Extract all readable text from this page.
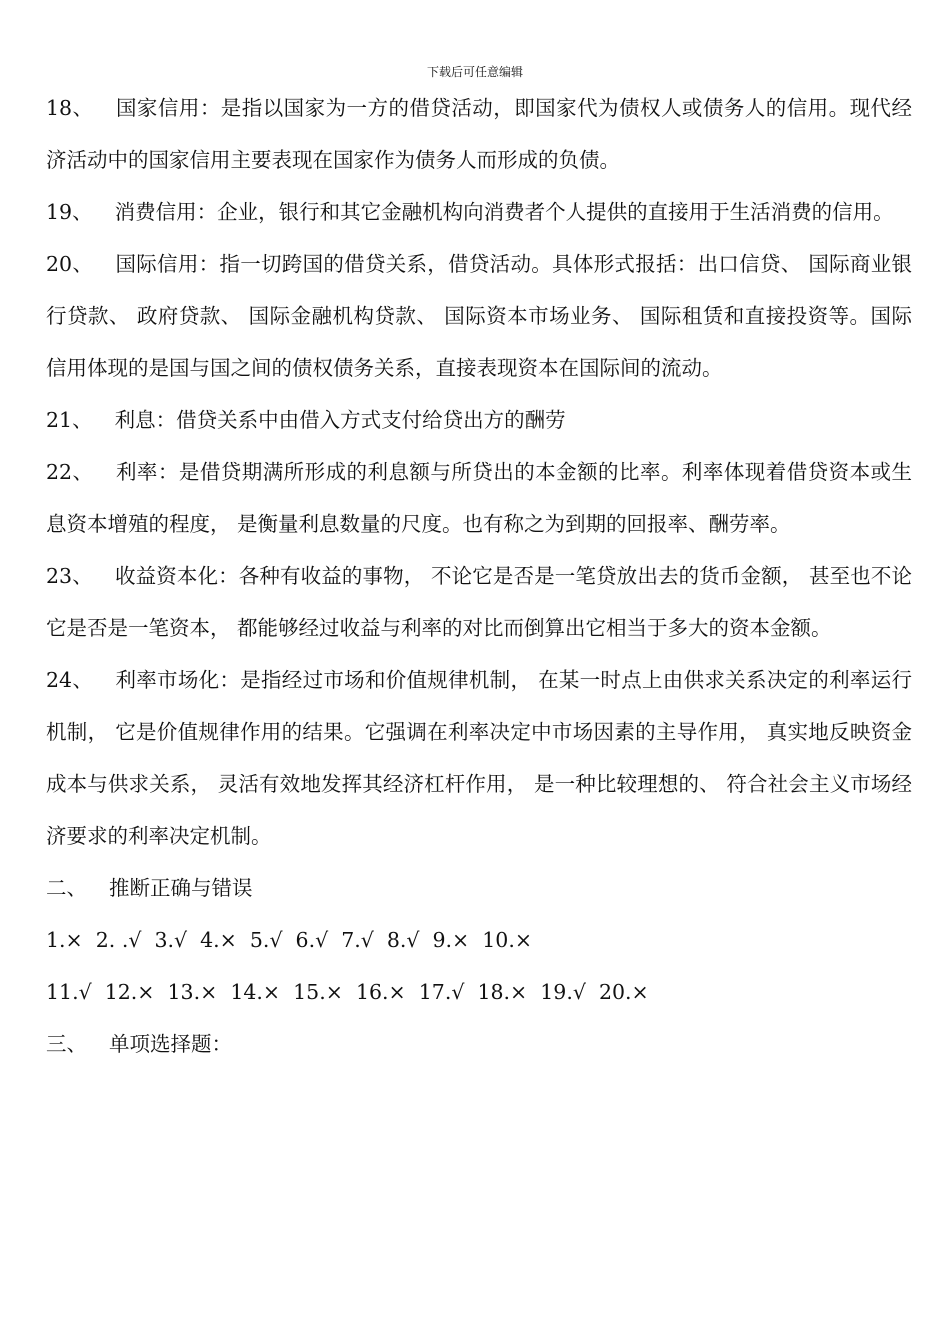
下载后可任意编辑

18、 国家信用：是指以国家为一方的借贷活动，即国家代为债权人或债务人的信用。现代经济活动中的国家信用主要表现在国家作为债务人而形成的负债。

19、 消费信用：企业，银行和其它金融机构向消费者个人提供的直接用于生活消费的信用。

20、 国际信用：指一切跨国的借贷关系，借贷活动。具体形式报括：出口信贷、 国际商业银行贷款、 政府贷款、 国际金融机构贷款、 国际资本市场业务、 国际租赁和直接投资等。国际信用体现的是国与国之间的债权债务关系，直接表现资本在国际间的流动。

21、 利息：借贷关系中由借入方式支付给贷出方的酬劳

22、 利率：是借贷期满所形成的利息额与所贷出的本金额的比率。利率体现着借贷资本或生息资本增殖的程度， 是衡量利息数量的尺度。也有称之为到期的回报率、酬劳率。

23、 收益资本化：各种有收益的事物， 不论它是否是一笔贷放出去的货币金额， 甚至也不论它是否是一笔资本， 都能够经过收益与利率的对比而倒算出它相当于多大的资本金额。

24、 利率市场化：是指经过市场和价值规律机制， 在某一时点上由供求关系决定的利率运行机制， 它是价值规律作用的结果。它强调在利率决定中市场因素的主导作用， 真实地反映资金成本与供求关系， 灵活有效地发挥其经济杠杆作用， 是一种比较理想的、 符合社会主义市场经济要求的利率决定机制。

二、 推断正确与错误

1.×  2. .√  3.√  4.×  5.√  6.√  7.√  8.√  9.×  10.×

11.√  12.×  13.×  14.×  15.×  16.×  17.√  18.×  19.√  20.×

三、 单项选择题：
